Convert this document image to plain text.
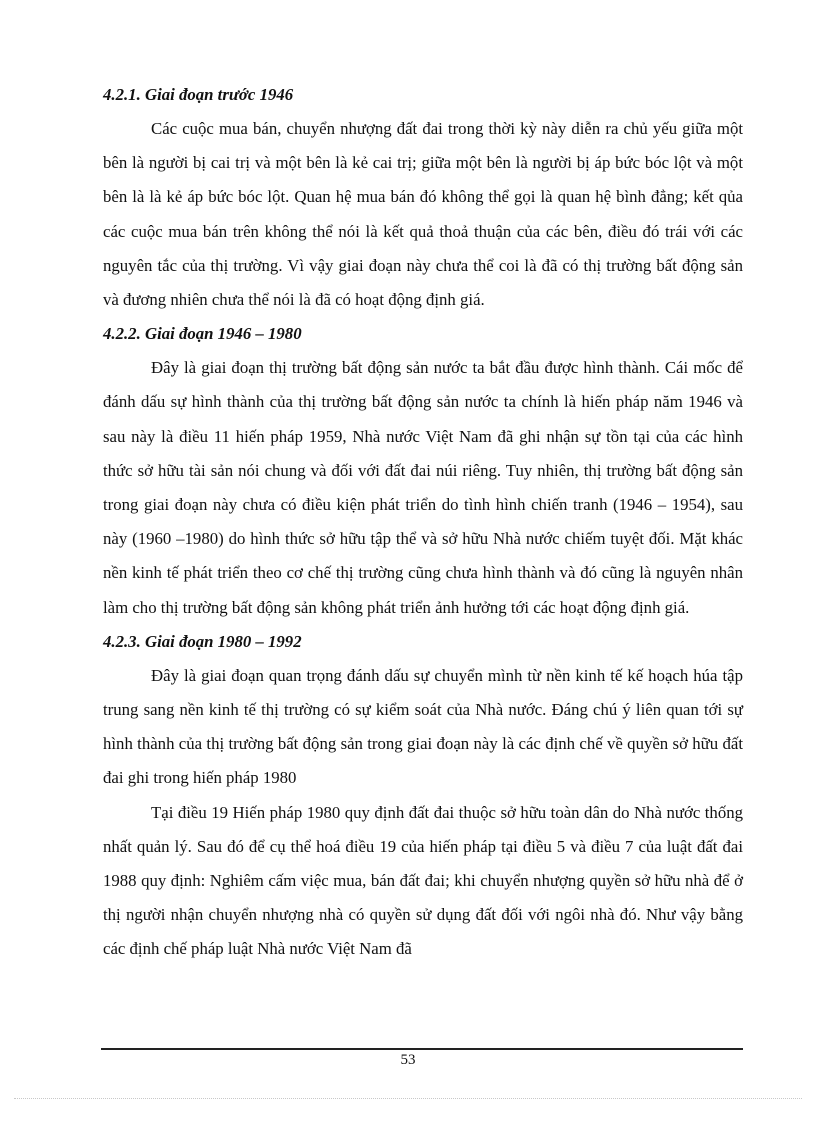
4.2.1. Giai đoạn trước 1946

Các cuộc mua bán, chuyển nhượng đất đai trong thời kỳ này diễn ra chủ yếu giữa một bên là người bị cai trị và một bên là kẻ cai trị; giữa một bên là người bị áp bức bóc lột và một bên là là kẻ áp bức bóc lột. Quan hệ mua bán đó không thể gọi là quan hệ bình đẳng; kết qủa các cuộc mua bán trên không thể nói là kết quả thoả thuận của các bên, điều đó trái với các nguyên tắc của thị trường. Vì vậy giai đoạn này chưa thể coi là đã có thị trường bất động sản và đương nhiên chưa thể nói là đã có hoạt động định giá.

4.2.2. Giai đoạn 1946 – 1980

Đây là giai đoạn thị trường bất động sản nước ta bắt đầu được hình thành. Cái mốc để đánh dấu sự hình thành của thị trường bất động sản nước ta chính là hiến pháp năm 1946 và sau này là điều 11 hiến pháp 1959, Nhà nước Việt Nam đã ghi nhận sự tồn tại của các hình thức sở hữu tài sản nói chung và đối với đất đai núi riêng. Tuy nhiên, thị trường bất động sản trong giai đoạn này chưa có điều kiện phát triển do tình hình chiến tranh (1946 – 1954), sau này (1960 –1980) do hình thức sở hữu tập thể và sở hữu Nhà nước chiếm tuyệt đối. Mặt khác nền kinh tế phát triển theo cơ chế thị trường cũng chưa hình thành và đó cũng là nguyên nhân làm cho thị trường bất động sản không phát triển ảnh hưởng tới các hoạt động định giá.

4.2.3. Giai đoạn 1980 – 1992

Đây là giai đoạn quan trọng đánh dấu sự chuyển mình từ nền kinh tế kế hoạch húa tập trung sang nền kinh tế thị trường có sự kiểm soát của Nhà nước. Đáng chú ý liên quan tới sự hình thành của thị trường bất động sản trong giai đoạn này là các định chế về quyền sở hữu đất đai ghi trong hiến pháp 1980

Tại điều 19 Hiến pháp 1980 quy định đất đai thuộc sở hữu toàn dân do Nhà nước thống nhất quản lý. Sau đó để cụ thể hoá điều 19 của hiến pháp tại điều 5 và điều 7 của luật đất đai 1988 quy định: Nghiêm cấm việc mua, bán đất đai; khi chuyển nhượng quyền sở hữu nhà để ở thị người nhận chuyển nhượng nhà có quyền sử dụng đất đối với ngôi nhà đó. Như vậy bằng các định chế pháp luật Nhà nước Việt Nam đã

53
